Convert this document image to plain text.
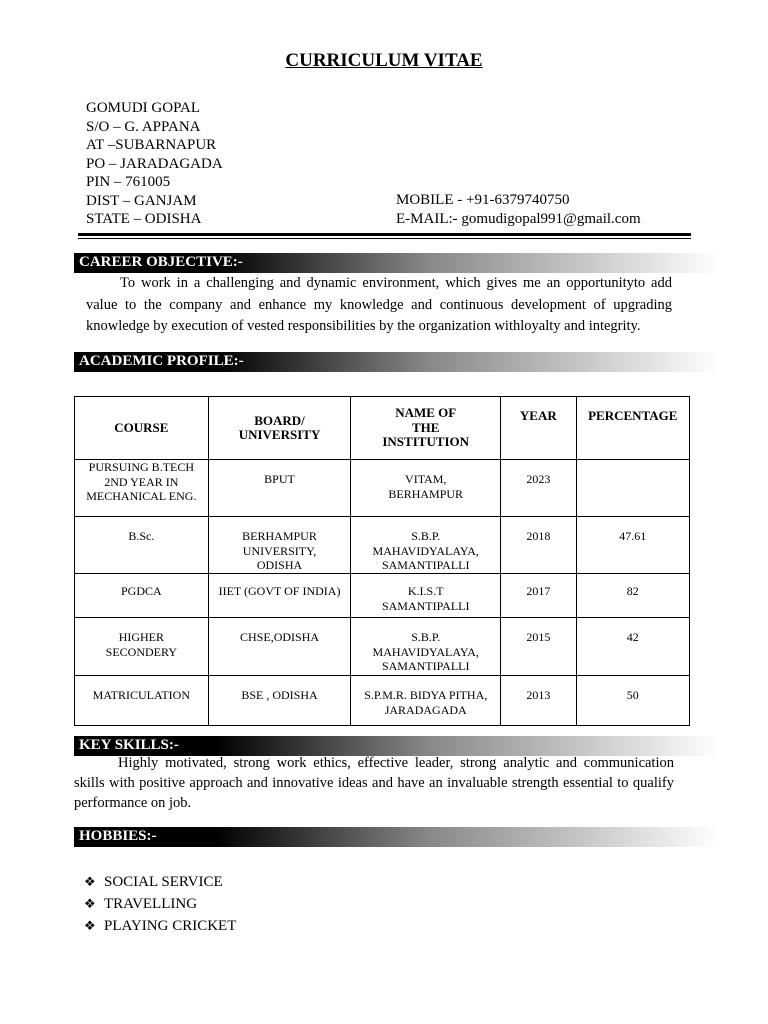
CURRICULUM VITAE
GOMUDI GOPAL
S/O – G. APPANA
AT –SUBARNAPUR
PO – JARADAGADA
PIN – 761005
DIST – GANJAM
STATE – ODISHA
MOBILE - +91-6379740750
E-MAIL:- gomudigopal991@gmail.com
CAREER OBJECTIVE:-
To work in a challenging and dynamic environment, which gives me an opportunityto add value to the company and enhance my knowledge and continuous development of upgrading knowledge by execution of vested responsibilities by the organization withloyalty and integrity.
ACADEMIC PROFILE:-
COURSE	BOARD/ UNIVERSITY	NAME OF THE INSTITUTION	YEAR	PERCENTAGE
PURSUING B.TECH 2ND YEAR IN MECHANICAL ENG.	BPUT	VITAM, BERHAMPUR	2023	
B.Sc.	BERHAMPUR UNIVERSITY, ODISHA	S.B.P. MAHAVIDYALAYA, SAMANTIPALLI	2018	47.61
PGDCA	IIET (GOVT OF INDIA)	K.I.S.T SAMANTIPALLI	2017	82
HIGHER SECONDERY	CHSE,ODISHA	S.B.P. MAHAVIDYALAYA, SAMANTIPALLI	2015	42
MATRICULATION	BSE , ODISHA	S.P.M.R. BIDYA PITHA, JARADAGADA	2013	50
KEY SKILLS:-
Highly motivated, strong work ethics, effective leader, strong analytic and communication skills with positive approach and innovative ideas and have an invaluable strength essential to qualify performance on job.
HOBBIES:-
❖ SOCIAL SERVICE
❖ TRAVELLING
❖ PLAYING CRICKET
